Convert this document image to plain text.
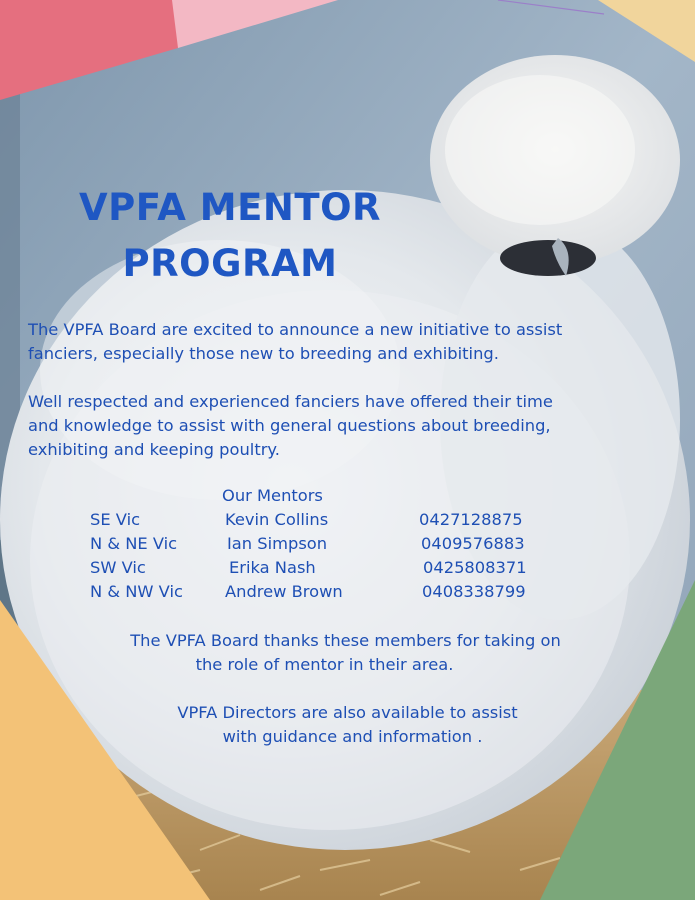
VPFA MENTOR
PROGRAM
The VPFA Board are excited to announce a new initiative to assist
fanciers, especially those new to breeding and exhibiting.
Well respected and experienced fanciers have offered their time
and knowledge to assist with general questions about breeding,
exhibiting and keeping poultry.
Our Mentors
SE Vic	Kevin Collins	0427128875
N & NE Vic	Ian Simpson	0409576883
SW Vic	Erika Nash	0425808371
N & NW Vic	Andrew Brown	0408338799
The VPFA Board thanks these members for taking on
the role of mentor in their area.
VPFA Directors are also available to assist
with guidance and information .
